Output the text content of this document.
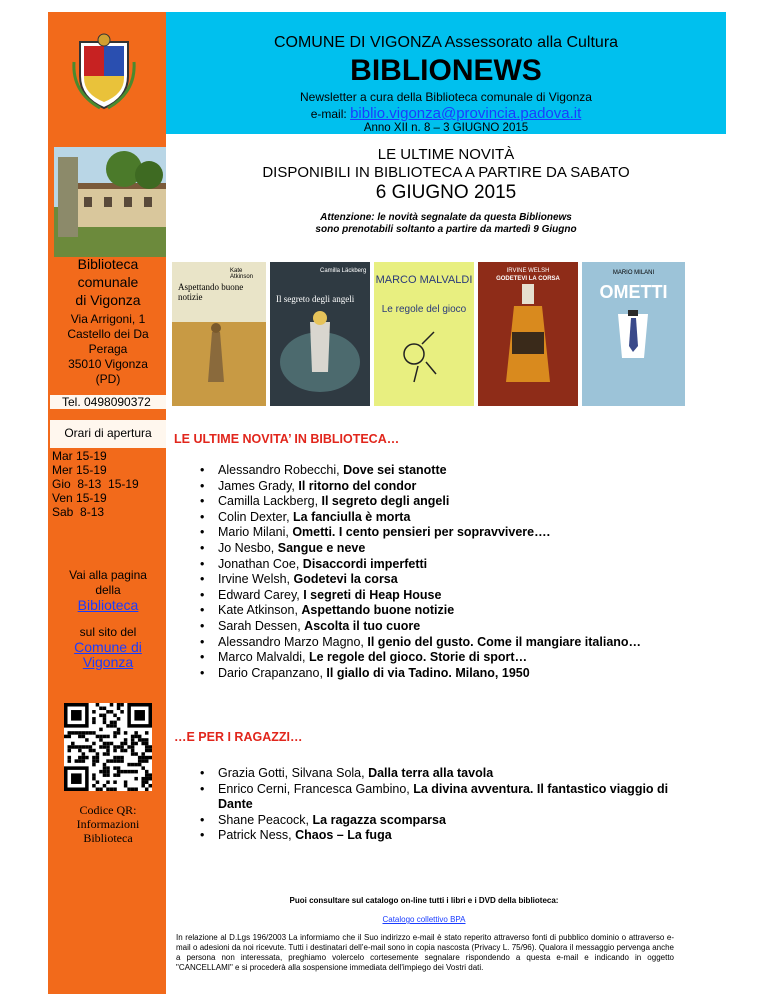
Biblioteca
comunale
di Vigonza
Via Arrigoni, 1
Castello dei Da
Peraga
35010 Vigonza
(PD)
Tel. 0498090372
Orari di apertura
Mar 15-19
Mer 15-19
Gio  8-13  15-19
Ven 15-19
Sab  8-13
Vai alla pagina
della
Biblioteca
sul sito del
Comune di
Vigonza
Codice QR:
Informazioni
Biblioteca
COMUNE DI VIGONZA Assessorato alla Cultura
BIBLIONEWS
Newsletter a cura della Biblioteca comunale di Vigonza
e-mail: biblio.vigonza@provincia.padova.it
Anno XII n. 8 – 3 GIUGNO 2015
LE ULTIME NOVITÀ
DISPONIBILI IN BIBLIOTECA A PARTIRE DA SABATO
6 GIUGNO 2015
Attenzione: le novità segnalate da questa Biblionews
sono prenotabili soltanto a partire da martedì 9 Giugno
Kate Atkinson
Aspettando buone notizie
Camilla Läckberg
Il segreto degli angeli
MARCO MALVALDI
Le regole del gioco
IRVINE WELSH
GODETEVI LA CORSA
MARIO MILANI
OMETTI
LE ULTIME NOVITA’ IN BIBLIOTECA…
• Alessandro Robecchi, Dove sei stanotte
• James Grady, Il ritorno del condor
• Camilla Lackberg, Il segreto degli angeli
• Colin Dexter, La fanciulla è morta
• Mario Milani, Ometti. I cento pensieri per sopravvivere….
• Jo Nesbo, Sangue e neve
• Jonathan Coe, Disaccordi imperfetti
• Irvine Welsh, Godetevi la corsa
• Edward Carey, I segreti di Heap House
• Kate Atkinson, Aspettando buone notizie
• Sarah Dessen, Ascolta il tuo cuore
• Alessandro Marzo Magno, Il genio del gusto. Come il mangiare italiano…
• Marco Malvaldi, Le regole del gioco. Storie di sport…
• Dario Crapanzano, Il giallo di via Tadino. Milano, 1950
…E PER I RAGAZZI…
• Grazia Gotti, Silvana Sola, Dalla terra alla tavola
• Enrico Cerni, Francesca Gambino, La divina avventura. Il fantastico viaggio di Dante
• Shane Peacock, La ragazza scomparsa
• Patrick Ness, Chaos – La fuga
Puoi consultare sul catalogo on-line tutti i libri e i DVD della biblioteca:
Catalogo collettivo BPA
In relazione al D.Lgs 196/2003 La informiamo che il Suo indirizzo e-mail è stato reperito attraverso fonti di pubblico dominio o attraverso e-mail o adesioni da noi ricevute. Tutti i destinatari dell’e-mail sono in copia nascosta (Privacy L. 75/96). Qualora il messaggio pervenga anche a persona non interessata, preghiamo volercelo cortesemente segnalare rispondendo a questa e-mail e indicando in oggetto "CANCELLAMI" e si procederà alla sospensione immediata dell'impiego dei Vostri dati.
